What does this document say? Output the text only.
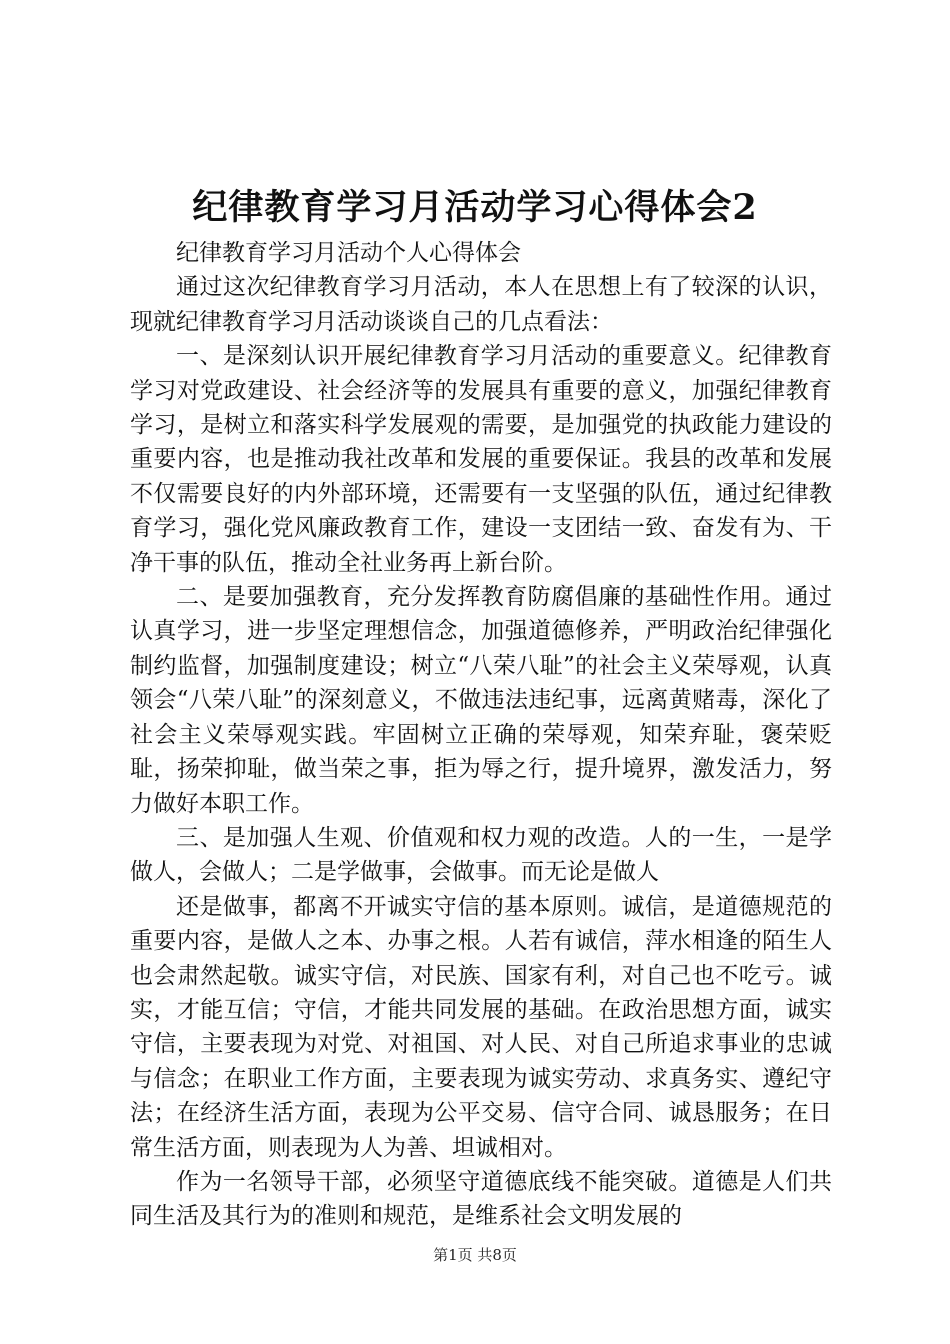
纪律教育学习月活动学习心得体会2

纪律教育学习月活动个人心得体会

通过这次纪律教育学习月活动，本人在思想上有了较深的认识，现就纪律教育学习月活动谈谈自己的几点看法：

一、是深刻认识开展纪律教育学习月活动的重要意义。纪律教育学习对党政建设、社会经济等的发展具有重要的意义，加强纪律教育学习，是树立和落实科学发展观的需要，是加强党的执政能力建设的重要内容，也是推动我社改革和发展的重要保证。我县的改革和发展不仅需要良好的内外部环境，还需要有一支坚强的队伍，通过纪律教育学习，强化党风廉政教育工作，建设一支团结一致、奋发有为、干净干事的队伍，推动全社业务再上新台阶。

二、是要加强教育，充分发挥教育防腐倡廉的基础性作用。通过认真学习，进一步坚定理想信念，加强道德修养，严明政治纪律强化制约监督，加强制度建设；树立“八荣八耻”的社会主义荣辱观，认真领会“八荣八耻”的深刻意义，不做违法违纪事，远离黄赌毒，深化了社会主义荣辱观实践。牢固树立正确的荣辱观，知荣弃耻，褒荣贬耻，扬荣抑耻，做当荣之事，拒为辱之行，提升境界，激发活力，努力做好本职工作。

三、是加强人生观、价值观和权力观的改造。人的一生，一是学做人，会做人；二是学做事，会做事。而无论是做人

还是做事，都离不开诚实守信的基本原则。诚信，是道德规范的重要内容，是做人之本、办事之根。人若有诚信，萍水相逢的陌生人也会肃然起敬。诚实守信，对民族、国家有利，对自己也不吃亏。诚实，才能互信；守信，才能共同发展的基础。在政治思想方面，诚实守信，主要表现为对党、对祖国、对人民、对自己所追求事业的忠诚与信念；在职业工作方面，主要表现为诚实劳动、求真务实、遵纪守法；在经济生活方面，表现为公平交易、信守合同、诚恳服务；在日常生活方面，则表现为人为善、坦诚相对。

作为一名领导干部，必须坚守道德底线不能突破。道德是人们共同生活及其行为的准则和规范，是维系社会文明发展的

第1页 共8页
